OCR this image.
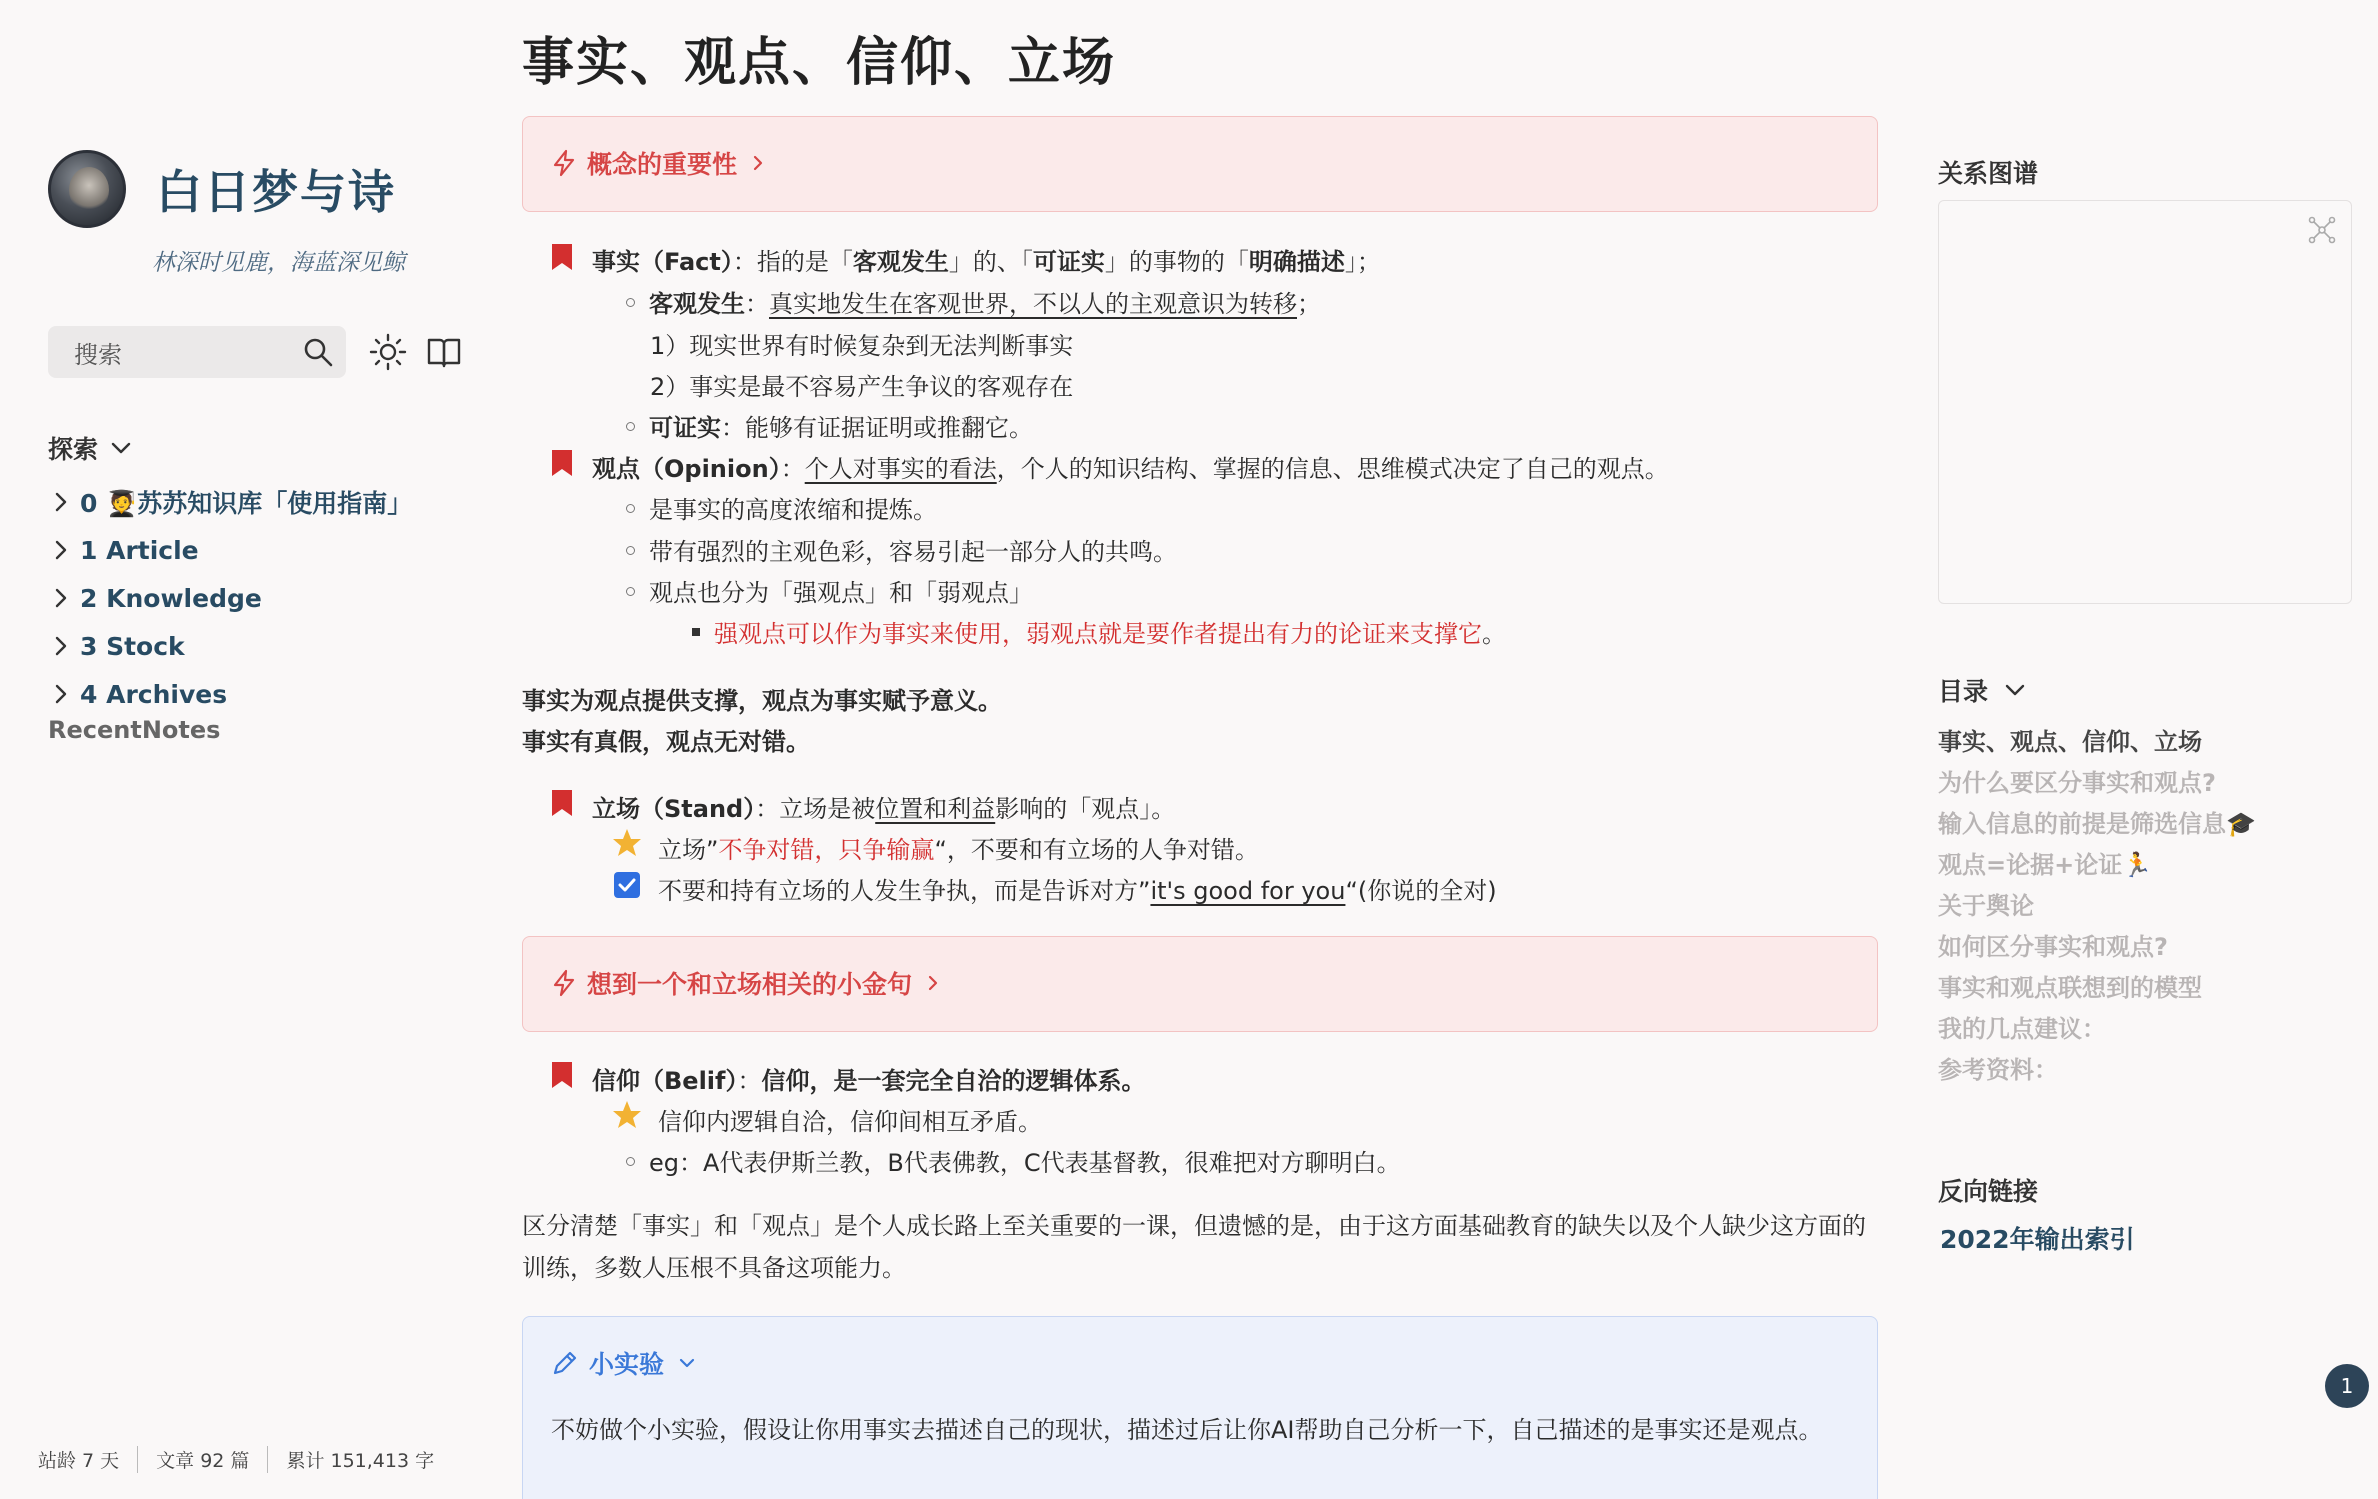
白日梦与诗
林深时见鹿，海蓝深见鲸
搜索
探索
0 🧑‍🎓苏苏知识库「使用指南」
1 Article
2 Knowledge
3 Stock
4 Archives
RecentNotes
站龄 7 天	文章 92 篇	累计 151,413 字
事实、观点、信仰、立场
概念的重要性
事实（Fact）：指的是「客观发生」的、「可证实」的事物的「明确描述」；
客观发生：真实地发生在客观世界，不以人的主观意识为转移；
1）现实世界有时候复杂到无法判断事实
2）事实是最不容易产生争议的客观存在
可证实：能够有证据证明或推翻它。
观点（Opinion）：个人对事实的看法，个人的知识结构、掌握的信息、思维模式决定了自己的观点。
是事实的高度浓缩和提炼。
带有强烈的主观色彩，容易引起一部分人的共鸣。
观点也分为「强观点」和「弱观点」
强观点可以作为事实来使用，弱观点就是要作者提出有力的论证来支撑它。
事实为观点提供支撑，观点为事实赋予意义。
事实有真假，观点无对错。
立场（Stand）：立场是被位置和利益影响的「观点」。
立场”不争对错，只争输赢“，不要和有立场的人争对错。
不要和持有立场的人发生争执，而是告诉对方”it's good for you“(你说的全对)
想到一个和立场相关的小金句
信仰（Belif）：信仰，是一套完全自洽的逻辑体系。
信仰内逻辑自洽，信仰间相互矛盾。
eg：A代表伊斯兰教，B代表佛教，C代表基督教，很难把对方聊明白。
区分清楚「事实」和「观点」是个人成长路上至关重要的一课，但遗憾的是，由于这方面基础教育的缺失以及个人缺少这方面的训练，多数人压根不具备这项能力。
小实验
不妨做个小实验，假设让你用事实去描述自己的现状，描述过后让你AI帮助自己分析一下，自己描述的是事实还是观点。
关系图谱
目录
事实、观点、信仰、立场
为什么要区分事实和观点?
输入信息的前提是筛选信息🎓
观点=论据+论证🏃
关于舆论
如何区分事实和观点?
事实和观点联想到的模型
我的几点建议：
参考资料：
反向链接
2022年输出索引
1
